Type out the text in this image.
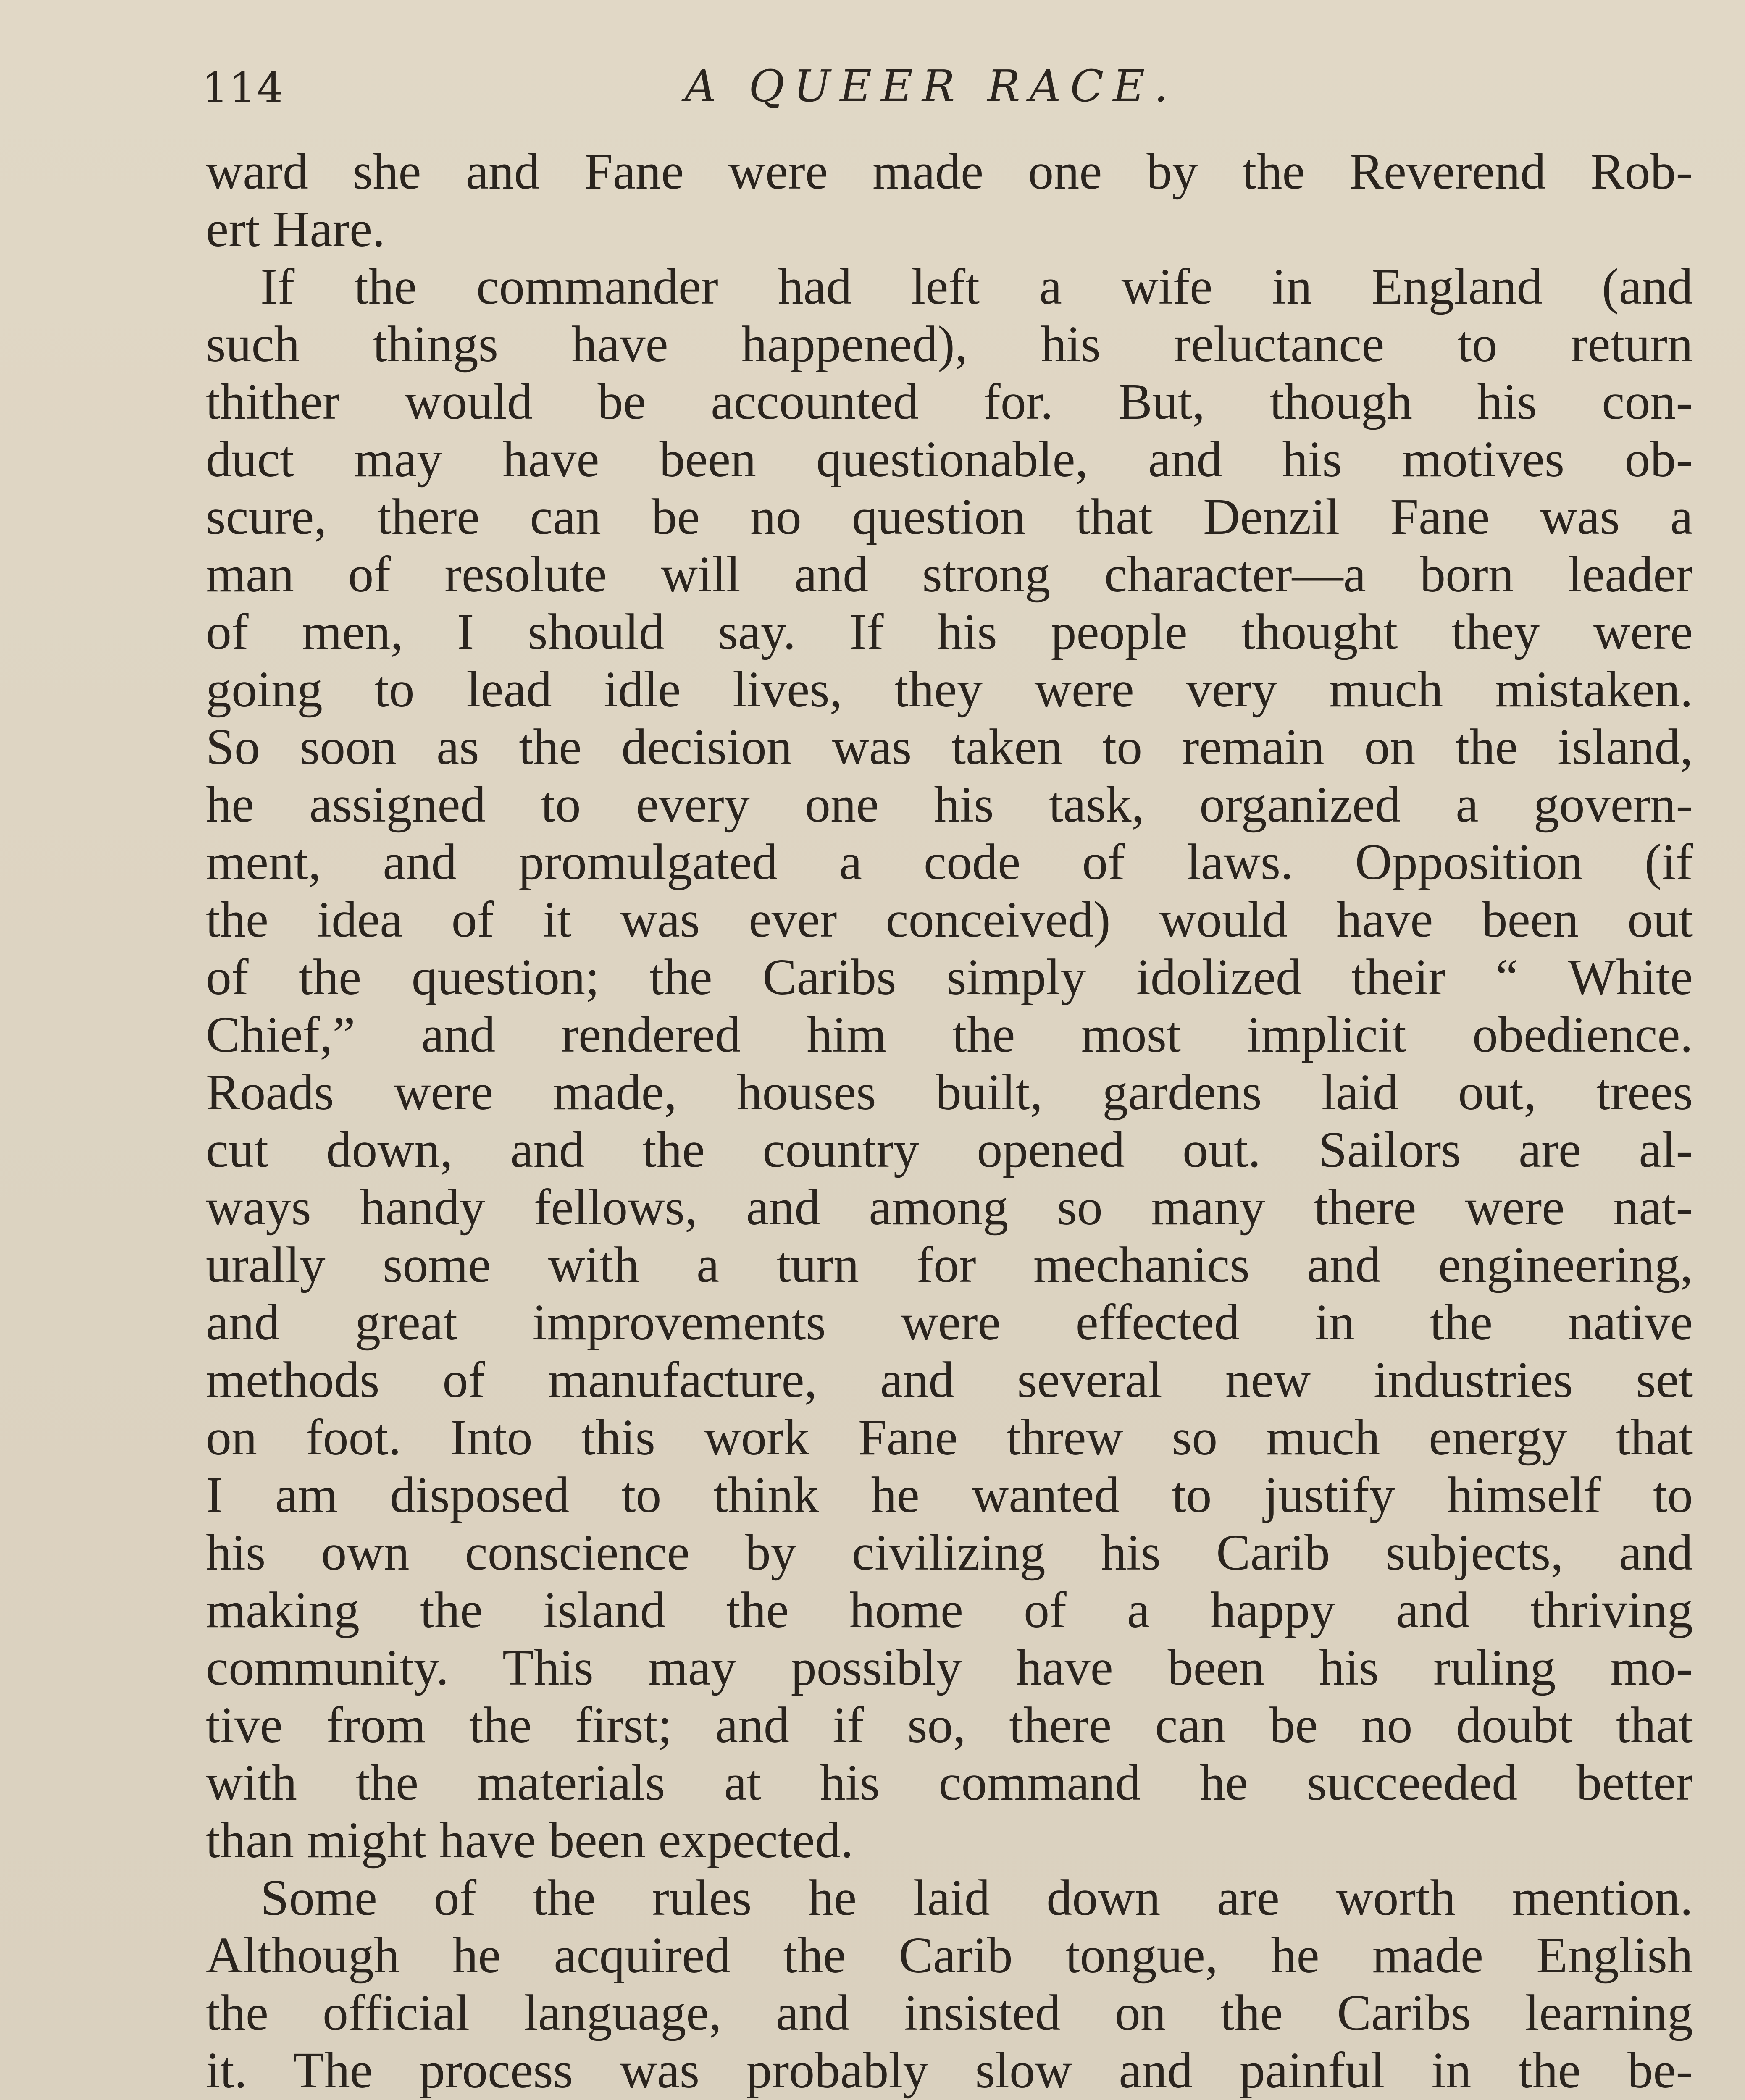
114	A QUEER RACE.
ward she and Fane were made one by the Reverend Rob-
ert Hare.
If the commander had left a wife in England (and
such things have happened), his reluctance to return
thither would be accounted for. But, though his con-
duct may have been questionable, and his motives ob-
scure, there can be no question that Denzil Fane was a
man of resolute will and strong character—a born leader
of men, I should say. If his people thought they were
going to lead idle lives, they were very much mistaken.
So soon as the decision was taken to remain on the island,
he assigned to every one his task, organized a govern-
ment, and promulgated a code of laws. Opposition (if
the idea of it was ever conceived) would have been out
of the question; the Caribs simply idolized their “ White
Chief,” and rendered him the most implicit obedience.
Roads were made, houses built, gardens laid out, trees
cut down, and the country opened out. Sailors are al-
ways handy fellows, and among so many there were nat-
urally some with a turn for mechanics and engineering,
and great improvements were effected in the native
methods of manufacture, and several new industries set
on foot. Into this work Fane threw so much energy that
I am disposed to think he wanted to justify himself to
his own conscience by civilizing his Carib subjects, and
making the island the home of a happy and thriving
community. This may possibly have been his ruling mo-
tive from the first; and if so, there can be no doubt that
with the materials at his command he succeeded better
than might have been expected.
Some of the rules he laid down are worth mention.
Although he acquired the Carib tongue, he made English
the official language, and insisted on the Caribs learning
it. The process was probably slow and painful in the be-
